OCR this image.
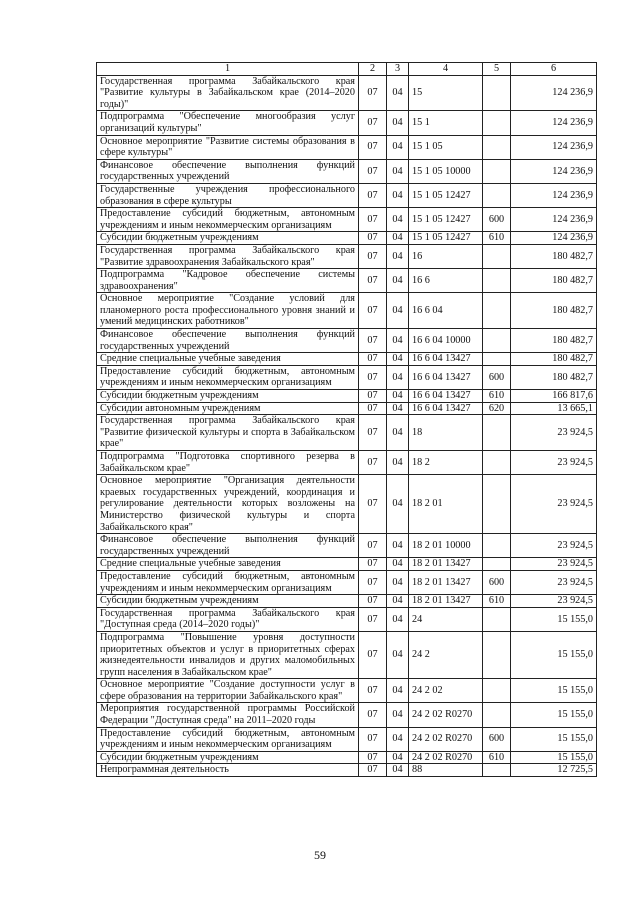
1	2	3	4	5	6
Государственная программа Забайкальского края "Развитие культуры в Забайкальском крае (2014–2020 годы)"	07	04	15		124 236,9
Подпрограмма "Обеспечение многообразия услуг организаций культуры"	07	04	15 1		124 236,9
Основное мероприятие "Развитие системы образования в сфере культуры"	07	04	15 1 05		124 236,9
Финансовое обеспечение выполнения функций государственных учреждений	07	04	15 1 05 10000		124 236,9
Государственные учреждения профессионального образования в сфере культуры	07	04	15 1 05 12427		124 236,9
Предоставление субсидий бюджетным, автономным учреждениям и иным некоммерческим организациям	07	04	15 1 05 12427	600	124 236,9
Субсидии бюджетным учреждениям	07	04	15 1 05 12427	610	124 236,9
Государственная программа Забайкальского края "Развитие здравоохранения Забайкальского края"	07	04	16		180 482,7
Подпрограмма "Кадровое обеспечение системы здравоохранения"	07	04	16 6		180 482,7
Основное мероприятие "Создание условий для планомерного роста профессионального уровня знаний и умений медицинских работников"	07	04	16 6 04		180 482,7
Финансовое обеспечение выполнения функций государственных учреждений	07	04	16 6 04 10000		180 482,7
Средние специальные учебные заведения	07	04	16 6 04 13427		180 482,7
Предоставление субсидий бюджетным, автономным учреждениям и иным некоммерческим организациям	07	04	16 6 04 13427	600	180 482,7
Субсидии бюджетным учреждениям	07	04	16 6 04 13427	610	166 817,6
Субсидии автономным учреждениям	07	04	16 6 04 13427	620	13 665,1
Государственная программа Забайкальского края "Развитие физической культуры и спорта в Забайкальском крае"	07	04	18		23 924,5
Подпрограмма "Подготовка спортивного резерва в Забайкальском крае"	07	04	18 2		23 924,5
Основное мероприятие "Организация деятельности краевых государственных учреждений, координация и регулирование деятельности которых возложены на Министерство физической культуры и спорта Забайкальского края"	07	04	18 2 01		23 924,5
Финансовое обеспечение выполнения функций государственных учреждений	07	04	18 2 01 10000		23 924,5
Средние специальные учебные заведения	07	04	18 2 01 13427		23 924,5
Предоставление субсидий бюджетным, автономным учреждениям и иным некоммерческим организациям	07	04	18 2 01 13427	600	23 924,5
Субсидии бюджетным учреждениям	07	04	18 2 01 13427	610	23 924,5
Государственная программа Забайкальского края "Доступная среда (2014–2020 годы)"	07	04	24		15 155,0
Подпрограмма "Повышение уровня доступности приоритетных объектов и услуг в приоритетных сферах жизнедеятельности инвалидов и других маломобильных групп населения в Забайкальском крае"	07	04	24 2		15 155,0
Основное мероприятие "Создание доступности услуг в сфере образования на территории Забайкальского края"	07	04	24 2 02		15 155,0
Мероприятия государственной программы Российской Федерации "Доступная среда" на 2011–2020 годы	07	04	24 2 02 R0270		15 155,0
Предоставление субсидий бюджетным, автономным учреждениям и иным некоммерческим организациям	07	04	24 2 02 R0270	600	15 155,0
Субсидии бюджетным учреждениям	07	04	24 2 02 R0270	610	15 155,0
Непрограммная деятельность	07	04	88		12 725,5
59
